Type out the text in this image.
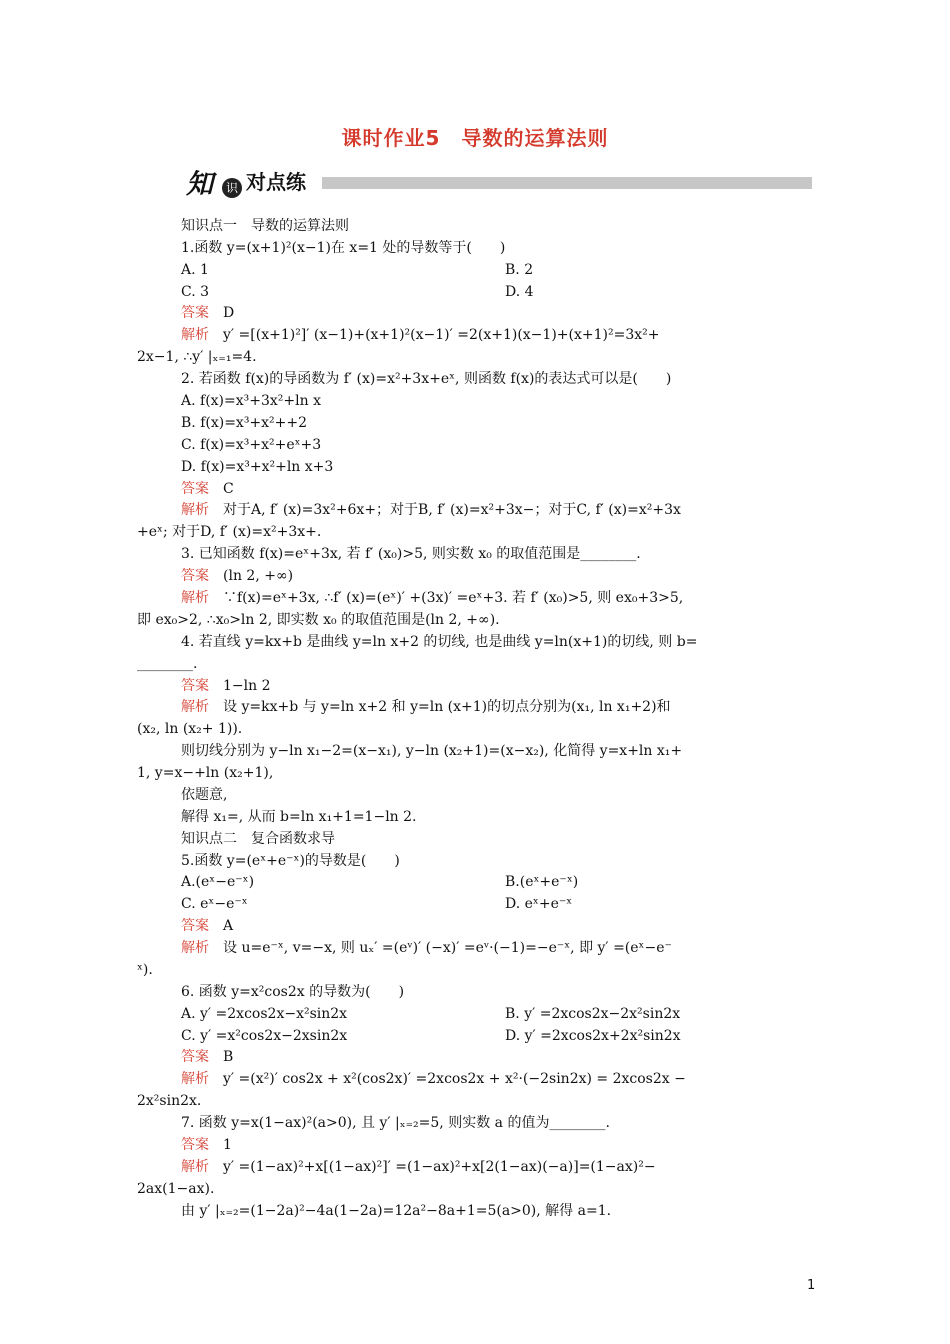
课时作业5　导数的运算法则
知	识 对点练
知识点一　导数的运算法则
1.函数 y=(x+1)²(x−1)在 x=1 处的导数等于(　　)
A. 1	B. 2
C. 3	D. 4
答案　 D
解析　 y′ =[(x+1)²]′ (x−1)+(x+1)²(x−1)′ =2(x+1)(x−1)+(x+1)²=3x²+
2x−1, ∴y′ |ₓ₌₁=4.
2. 若函数 f(x)的导函数为 f′ (x)=x²+3x+eˣ, 则函数 f(x)的表达式可以是(　　)
A. f(x)=x³+3x²+ln x
B. f(x)=x³+x²++2
C. f(x)=x³+x²+eˣ+3
D. f(x)=x³+x²+ln x+3
答案　 C
解析　 对于A, f′ (x)=3x²+6x+；对于B, f′ (x)=x²+3x−；对于C, f′ (x)=x²+3x
+eˣ; 对于D, f′ (x)=x²+3x+.
3. 已知函数 f(x)=eˣ+3x, 若 f′ (x₀)>5, 则实数 x₀ 的取值范围是________.
答案　 (ln 2, +∞)
解析　 ∵f(x)=eˣ+3x, ∴f′ (x)=(eˣ)′ +(3x)′ =eˣ+3. 若 f′ (x₀)>5, 则 ex₀+3>5,
即 ex₀>2, ∴x₀>ln 2, 即实数 x₀ 的取值范围是(ln 2, +∞).
4. 若直线 y=kx+b 是曲线 y=ln x+2 的切线, 也是曲线 y=ln(x+1)的切线, 则 b=
________.
答案　 1−ln 2
解析　 设 y=kx+b 与 y=ln x+2 和 y=ln (x+1)的切点分别为(x₁, ln x₁+2)和
(x₂, ln (x₂+ 1)).
则切线分别为 y−ln x₁−2=(x−x₁), y−ln (x₂+1)=(x−x₂), 化简得 y=x+ln x₁+
1, y=x−+ln (x₂+1),
依题意,
解得 x₁=, 从而 b=ln x₁+1=1−ln 2.
知识点二　复合函数求导
5.函数 y=(eˣ+e⁻ˣ)的导数是(　　)
A.(eˣ−e⁻ˣ)	B.(eˣ+e⁻ˣ)
C. eˣ−e⁻ˣ	D. eˣ+e⁻ˣ
答案　 A
解析　 设 u=e⁻ˣ, v=−x, 则 uₓ′ =(eᵛ)′ (−x)′ =eᵛ·(−1)=−e⁻ˣ, 即 y′ =(eˣ−e⁻
ˣ).
6. 函数 y=x²cos2x 的导数为(　　)
A. y′ =2xcos2x−x²sin2x	B. y′ =2xcos2x−2x²sin2x
C. y′ =x²cos2x−2xsin2x	D. y′ =2xcos2x+2x²sin2x
答案　 B
解析　 y′ =(x²)′ cos2x + x²(cos2x)′ =2xcos2x + x²·(−2sin2x) = 2xcos2x −
2x²sin2x.
7. 函数 y=x(1−ax)²(a>0), 且 y′ |ₓ₌₂=5, 则实数 a 的值为________.
答案　 1
解析　 y′ =(1−ax)²+x[(1−ax)²]′ =(1−ax)²+x[2(1−ax)(−a)]=(1−ax)²−
2ax(1−ax).
由 y′ |ₓ₌₂=(1−2a)²−4a(1−2a)=12a²−8a+1=5(a>0), 解得 a=1.
1
